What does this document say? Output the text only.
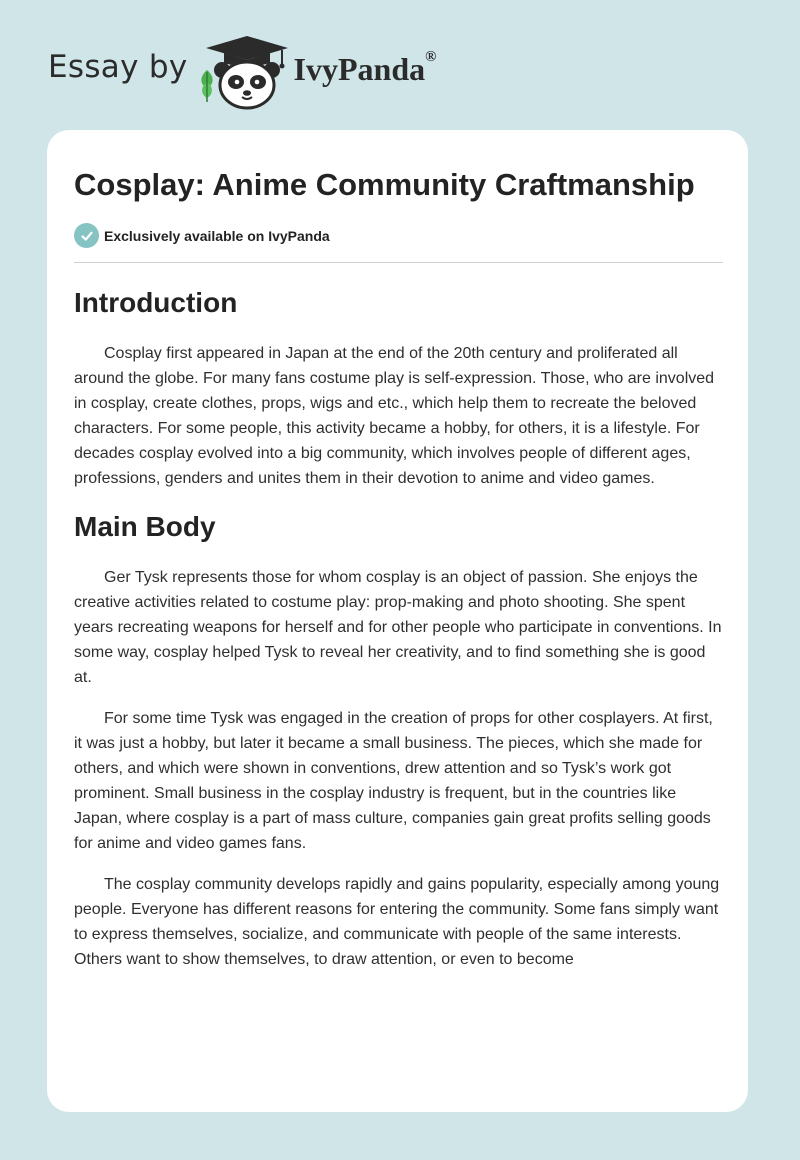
Essay by	IvyPanda®
Cosplay: Anime Community Craftmanship
Exclusively available on IvyPanda
Introduction

Cosplay first appeared in Japan at the end of the 20th century and proliferated all around the globe. For many fans costume play is self-expression. Those, who are involved in cosplay, create clothes, props, wigs and etc., which help them to recreate the beloved characters. For some people, this activity became a hobby, for others, it is a lifestyle. For decades cosplay evolved into a big community, which involves people of different ages, professions, genders and unites them in their devotion to anime and video games.

Main Body

Ger Tysk represents those for whom cosplay is an object of passion. She enjoys the creative activities related to costume play: prop-making and photo shooting. She spent years recreating weapons for herself and for other people who participate in conventions. In some way, cosplay helped Tysk to reveal her creativity, and to find something she is good at.

For some time Tysk was engaged in the creation of props for other cosplayers. At first, it was just a hobby, but later it became a small business. The pieces, which she made for others, and which were shown in conventions, drew attention and so Tysk’s work got prominent. Small business in the cosplay industry is frequent, but in the countries like Japan, where cosplay is a part of mass culture, companies gain great profits selling goods for anime and video games fans.

The cosplay community develops rapidly and gains popularity, especially among young people. Everyone has different reasons for entering the community. Some fans simply want to express themselves, socialize, and communicate with people of the same interests. Others want to show themselves, to draw attention, or even to become
